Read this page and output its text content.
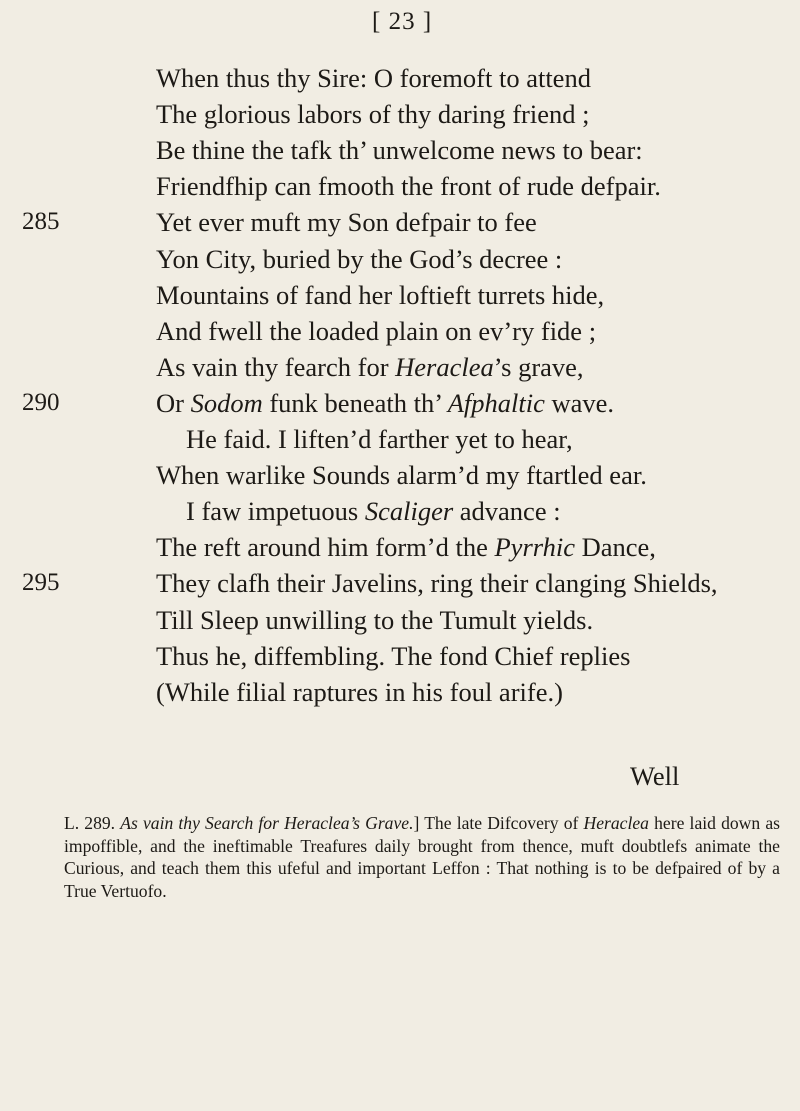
[ 23 ]
When thus thy Sire: O foremoft to attend
The glorious labors of thy daring friend ;
Be thine the tafk th’ unwelcome news to bear:
Friendfhip can fmooth the front of rude defpair.
285	Yet ever muft my Son defpair to fee
Yon City, buried by the God’s decree :
Mountains of fand her loftieft turrets hide,
And fwell the loaded plain on ev’ry fide ;
As vain thy fearch for Heraclea’s grave,
290	Or Sodom funk beneath th’ Afphaltic wave.
He faid. I liften’d farther yet to hear,
When warlike Sounds alarm’d my ftartled ear.
I faw impetuous Scaliger advance :
The reft around him form’d the Pyrrhic Dance,
295	They clafh their Javelins, ring their clanging Shields,
Till Sleep unwilling to the Tumult yields.
Thus he, diffembling. The fond Chief replies
(While filial raptures in his foul arife.)
Well

L. 289. As vain thy Search for Heraclea’s Grave.] The late Difcovery of Heraclea here laid down as impoffible, and the ineftimable Treafures daily brought from thence, muft doubtlefs animate the Curious, and teach them this ufeful and important Leffon : That nothing is to be defpaired of by a True Vertuofo.
